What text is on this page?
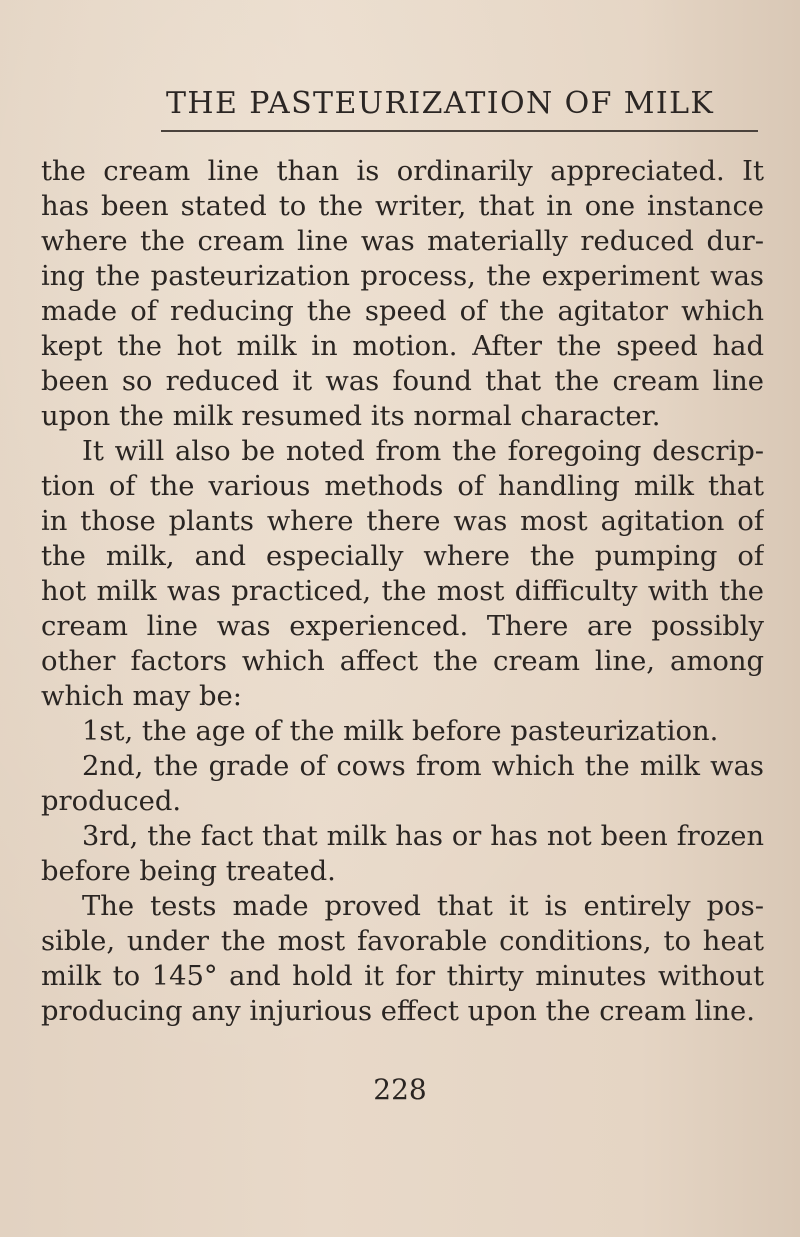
THE PASTEURIZATION OF MILK
the cream line than is ordinarily appreciated. It
has been stated to the writer, that in one instance
where the cream line was materially reduced dur-
ing the pasteurization process, the experiment was
made of reducing the speed of the agitator which
kept the hot milk in motion. After the speed had
been so reduced it was found that the cream line
upon the milk resumed its normal character.
It will also be noted from the foregoing descrip-
tion of the various methods of handling milk that
in those plants where there was most agitation of
the milk, and especially where the pumping of
hot milk was practiced, the most difficulty with the
cream line was experienced. There are possibly
other factors which affect the cream line, among
which may be:
1st, the age of the milk before pasteurization.
2nd, the grade of cows from which the milk was
produced.
3rd, the fact that milk has or has not been frozen
before being treated.
The tests made proved that it is entirely pos-
sible, under the most favorable conditions, to heat
milk to 145° and hold it for thirty minutes without
producing any injurious effect upon the cream line.
228
